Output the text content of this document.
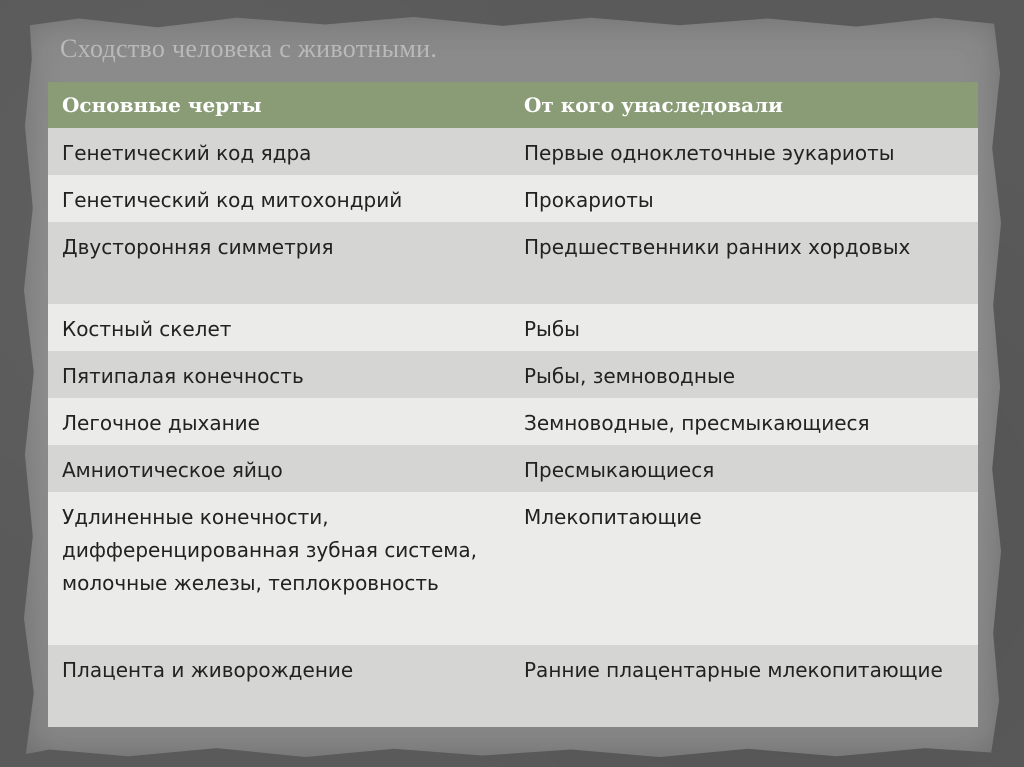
Сходство человека с животными.
Основные черты	От кого унаследовали
Генетический код ядра	Первые одноклеточные эукариоты
Генетический код митохондрий	Прокариоты
Двусторонняя симметрия	Предшественники ранних хордовых
Костный скелет	Рыбы
Пятипалая конечность	Рыбы, земноводные
Легочное дыхание	Земноводные, пресмыкающиеся
Амниотическое яйцо	Пресмыкающиеся
Удлиненные конечности, дифференцированная зубная система, молочные железы, теплокровность	Млекопитающие
Плацента и живорождение	Ранние плацентарные млекопитающие
